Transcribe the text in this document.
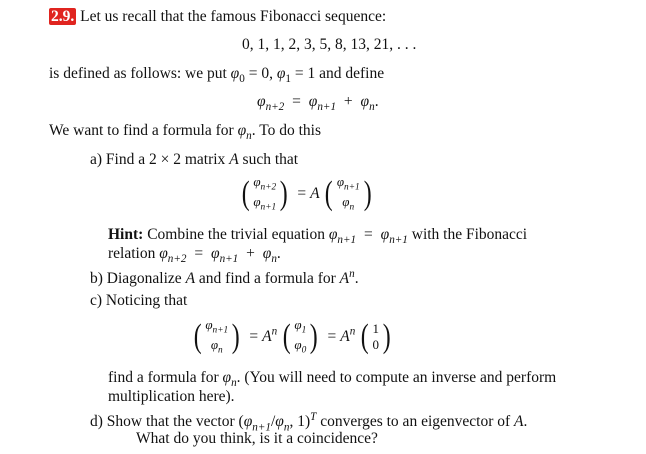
2.9. Let us recall that the famous Fibonacci sequence:
0, 1, 1, 2, 3, 5, 8, 13, 21, . . .
is defined as follows: we put $\varphi_0 = 0$, $\varphi_1 = 1$ and define
$\varphi_{n+2} = \varphi_{n+1} + \varphi_n$.
We want to find a formula for $\varphi_n$. To do this
a) Find a 2 × 2 matrix A such that
( $\varphi_{n+2}$
$\varphi_{n+1}$ ) = A ( $\varphi_{n+1}$
$\varphi_n$ )
Hint: Combine the trivial equation $\varphi_{n+1} = \varphi_{n+1}$ with the Fibonacci
relation $\varphi_{n+2} = \varphi_{n+1} + \varphi_n$.
b) Diagonalize A and find a formula for $A^n$.
c) Noticing that
( $\varphi_{n+1}$
$\varphi_n$ ) = $A^n$ ( $\varphi_1$
$\varphi_0$ ) = $A^n$ ( 1
0 )
find a formula for $\varphi_n$. (You will need to compute an inverse and perform
multiplication here).
d) Show that the vector ($\varphi_{n+1}/\varphi_n$, 1)$^T$ converges to an eigenvector of A.
What do you think, is it a coincidence?
